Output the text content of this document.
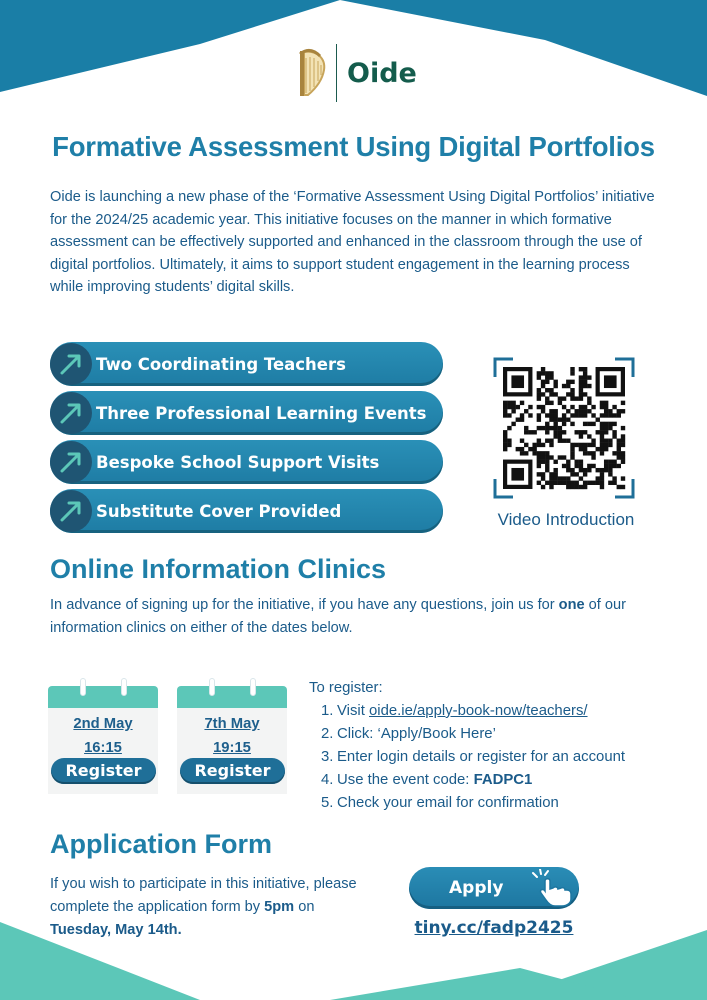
Oide
Formative Assessment Using Digital Portfolios

Oide is launching a new phase of the ‘Formative Assessment Using Digital Portfolios’ initiative for the 2024/25 academic year. This initiative focuses on the manner in which formative assessment can be effectively supported and enhanced in the classroom through the use of digital portfolios. Ultimately, it aims to support student engagement in the learning process while improving students’ digital skills.

Two Coordinating Teachers
Three Professional Learning Events
Bespoke School Support Visits
Substitute Cover Provided	Video Introduction
Online Information Clinics

In advance of signing up for the initiative, if you have any questions, join us for one of our information clinics on either of the dates below.

2nd May
16:15
Register
7th May
19:15
Register
To register:
1. Visit oide.ie/apply-book-now/teachers/
2. Click: ‘Apply/Book Here’
3. Enter login details or register for an account
4. Use the event code: FADPC1
5. Check your email for confirmation
Application Form

If you wish to participate in this initiative, please complete the application form by 5pm on Tuesday, May 14th.

Apply
tiny.cc/fadp2425
